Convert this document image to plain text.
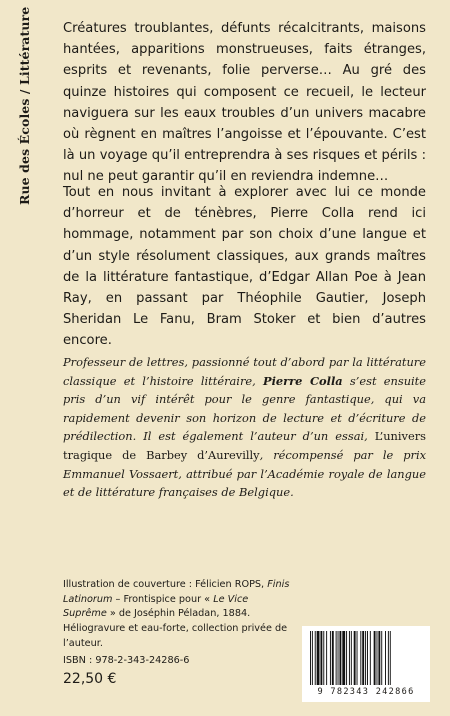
Rue des Écoles / Littérature Créatures troublantes, défunts récalcitrants, maisons hantées, apparitions monstrueuses, faits étranges, esprits et revenants, folie perverse… Au gré des quinze histoires qui composent ce recueil, le lecteur naviguera sur les eaux troubles d’un univers macabre où règnent en maîtres l’angoisse et l’épouvante. C’est là un voyage qu’il entreprendra à ses risques et périls : nul ne peut garantir qu’il en reviendra indemne…

Tout en nous invitant à explorer avec lui ce monde d’horreur et de ténèbres, Pierre Colla rend ici hommage, notamment par son choix d’une langue et d’un style résolument classiques, aux grands maîtres de la littérature fantastique, d’Edgar Allan Poe à Jean Ray, en passant par Théophile Gautier, Joseph Sheridan Le Fanu, Bram Stoker et bien d’autres encore.

Professeur de lettres, passionné tout d’abord par la littérature classique et l’histoire littéraire, Pierre Colla s’est ensuite pris d’un vif intérêt pour le genre fantastique, qui va rapidement devenir son horizon de lecture et d’écriture de prédilection. Il est également l’auteur d’un essai, L’univers tragique de Barbey d’Aurevilly, récompensé par le prix Emmanuel Vossaert, attribué par l’Académie royale de langue et de littérature françaises de Belgique.

Illustration de couverture : Félicien ROPS, Finis Latinorum – Frontispice pour « Le Vice Suprême » de Joséphin Péladan, 1884. Héliogravure et eau-forte, collection privée de l’auteur.

ISBN : 978-2-343-24286-6
22,50 €
9 782343 242866
